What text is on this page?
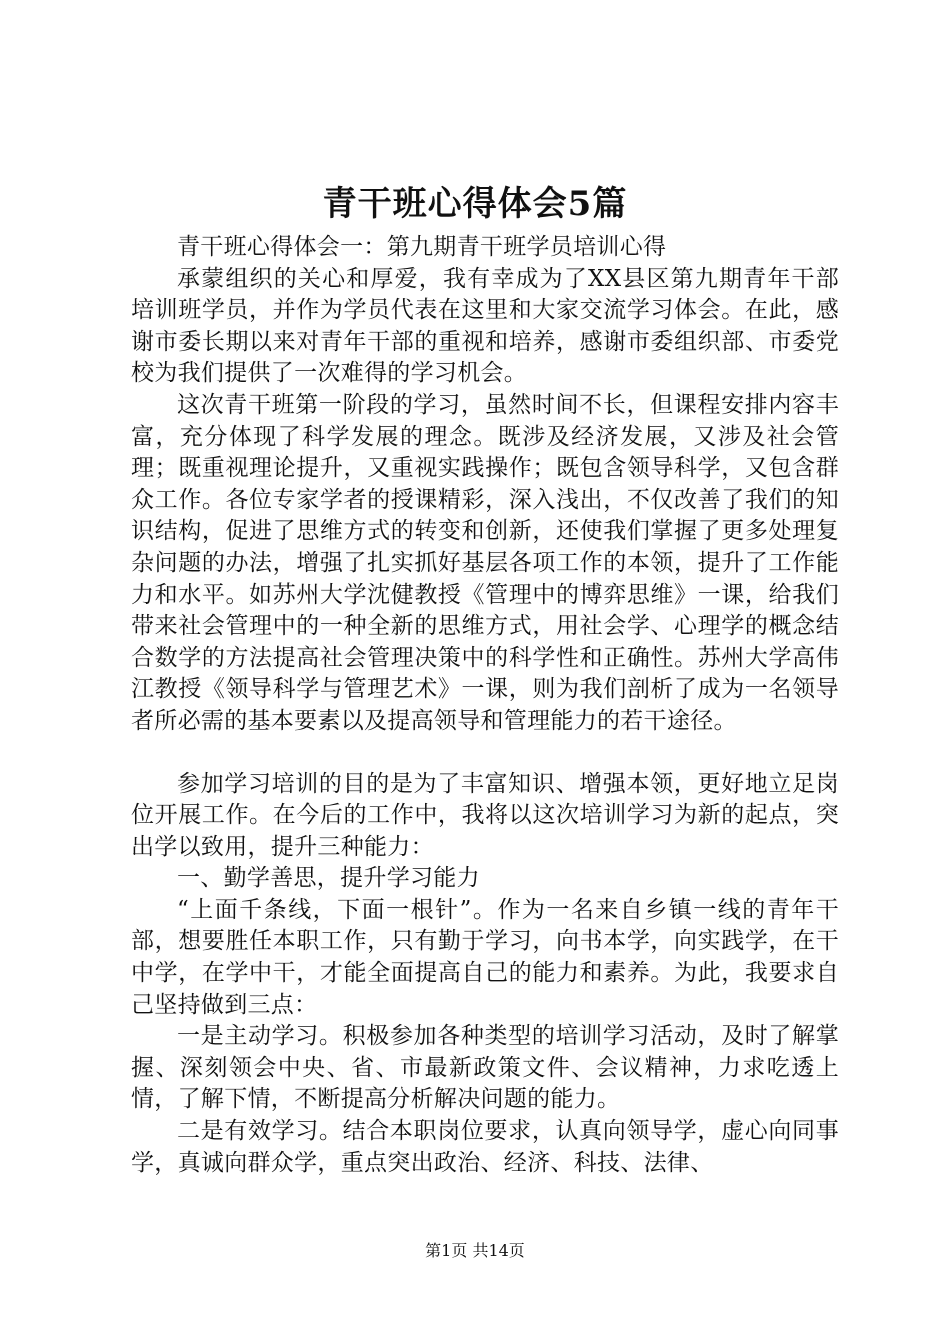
青干班心得体会5篇

青干班心得体会一：第九期青干班学员培训心得

承蒙组织的关心和厚爱，我有幸成为了XX县区第九期青年干部培训班学员，并作为学员代表在这里和大家交流学习体会。在此，感谢市委长期以来对青年干部的重视和培养，感谢市委组织部、市委党校为我们提供了一次难得的学习机会。

这次青干班第一阶段的学习，虽然时间不长，但课程安排内容丰富，充分体现了科学发展的理念。既涉及经济发展，又涉及社会管理；既重视理论提升，又重视实践操作；既包含领导科学，又包含群众工作。各位专家学者的授课精彩，深入浅出，不仅改善了我们的知识结构，促进了思维方式的转变和创新，还使我们掌握了更多处理复杂问题的办法，增强了扎实抓好基层各项工作的本领，提升了工作能力和水平。如苏州大学沈健教授《管理中的博弈思维》一课，给我们带来社会管理中的一种全新的思维方式，用社会学、心理学的概念结合数学的方法提高社会管理决策中的科学性和正确性。苏州大学高伟江教授《领导科学与管理艺术》一课，则为我们剖析了成为一名领导者所必需的基本要素以及提高领导和管理能力的若干途径。

参加学习培训的目的是为了丰富知识、增强本领，更好地立足岗位开展工作。在今后的工作中，我将以这次培训学习为新的起点，突出学以致用，提升三种能力：

一、勤学善思，提升学习能力

“上面千条线，下面一根针”。作为一名来自乡镇一线的青年干部，想要胜任本职工作，只有勤于学习，向书本学，向实践学，在干中学，在学中干，才能全面提高自己的能力和素养。为此，我要求自己坚持做到三点：

一是主动学习。积极参加各种类型的培训学习活动，及时了解掌握、深刻领会中央、省、市最新政策文件、会议精神，力求吃透上情，了解下情，不断提高分析解决问题的能力。

二是有效学习。结合本职岗位要求，认真向领导学，虚心向同事学，真诚向群众学，重点突出政治、经济、科技、法律、

第1页 共14页
